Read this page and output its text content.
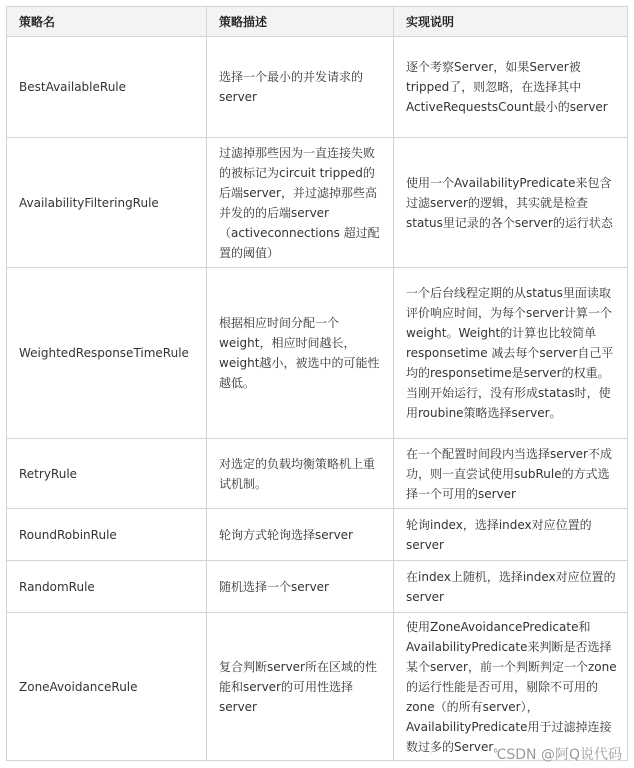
策略名	策略描述	实现说明
BestAvailableRule	选择一个最小的并发请求的server	逐个考察Server，如果Server被tripped了，则忽略，在选择其中ActiveRequestsCount最小的server
AvailabilityFilteringRule	过滤掉那些因为一直连接失败的被标记为circuit tripped的后端server，并过滤掉那些高并发的的后端server（activeconnections 超过配置的阈值）	使用一个AvailabilityPredicate来包含过滤server的逻辑，其实就是检查status里记录的各个server的运行状态
WeightedResponseTimeRule	根据相应时间分配一个weight，相应时间越长，weight越小，被选中的可能性越低。	一个后台线程定期的从status里面读取评价响应时间，为每个server计算一个weight。Weight的计算也比较简单responsetime 减去每个server自己平均的responsetime是server的权重。当刚开始运行，没有形成statas时，使用roubine策略选择server。
RetryRule	对选定的负载均衡策略机上重试机制。	在一个配置时间段内当选择server不成功，则一直尝试使用subRule的方式选择一个可用的server
RoundRobinRule	轮询方式轮询选择server	轮询index，选择index对应位置的server
RandomRule	随机选择一个server	在index上随机，选择index对应位置的server
ZoneAvoidanceRule	复合判断server所在区域的性能和server的可用性选择server	使用ZoneAvoidancePredicate和AvailabilityPredicate来判断是否选择某个server，前一个判断判定一个zone的运行性能是否可用，剔除不可用的zone（的所有server），AvailabilityPredicate用于过滤掉连接数过多的Server。
CSDN @阿Q说代码
